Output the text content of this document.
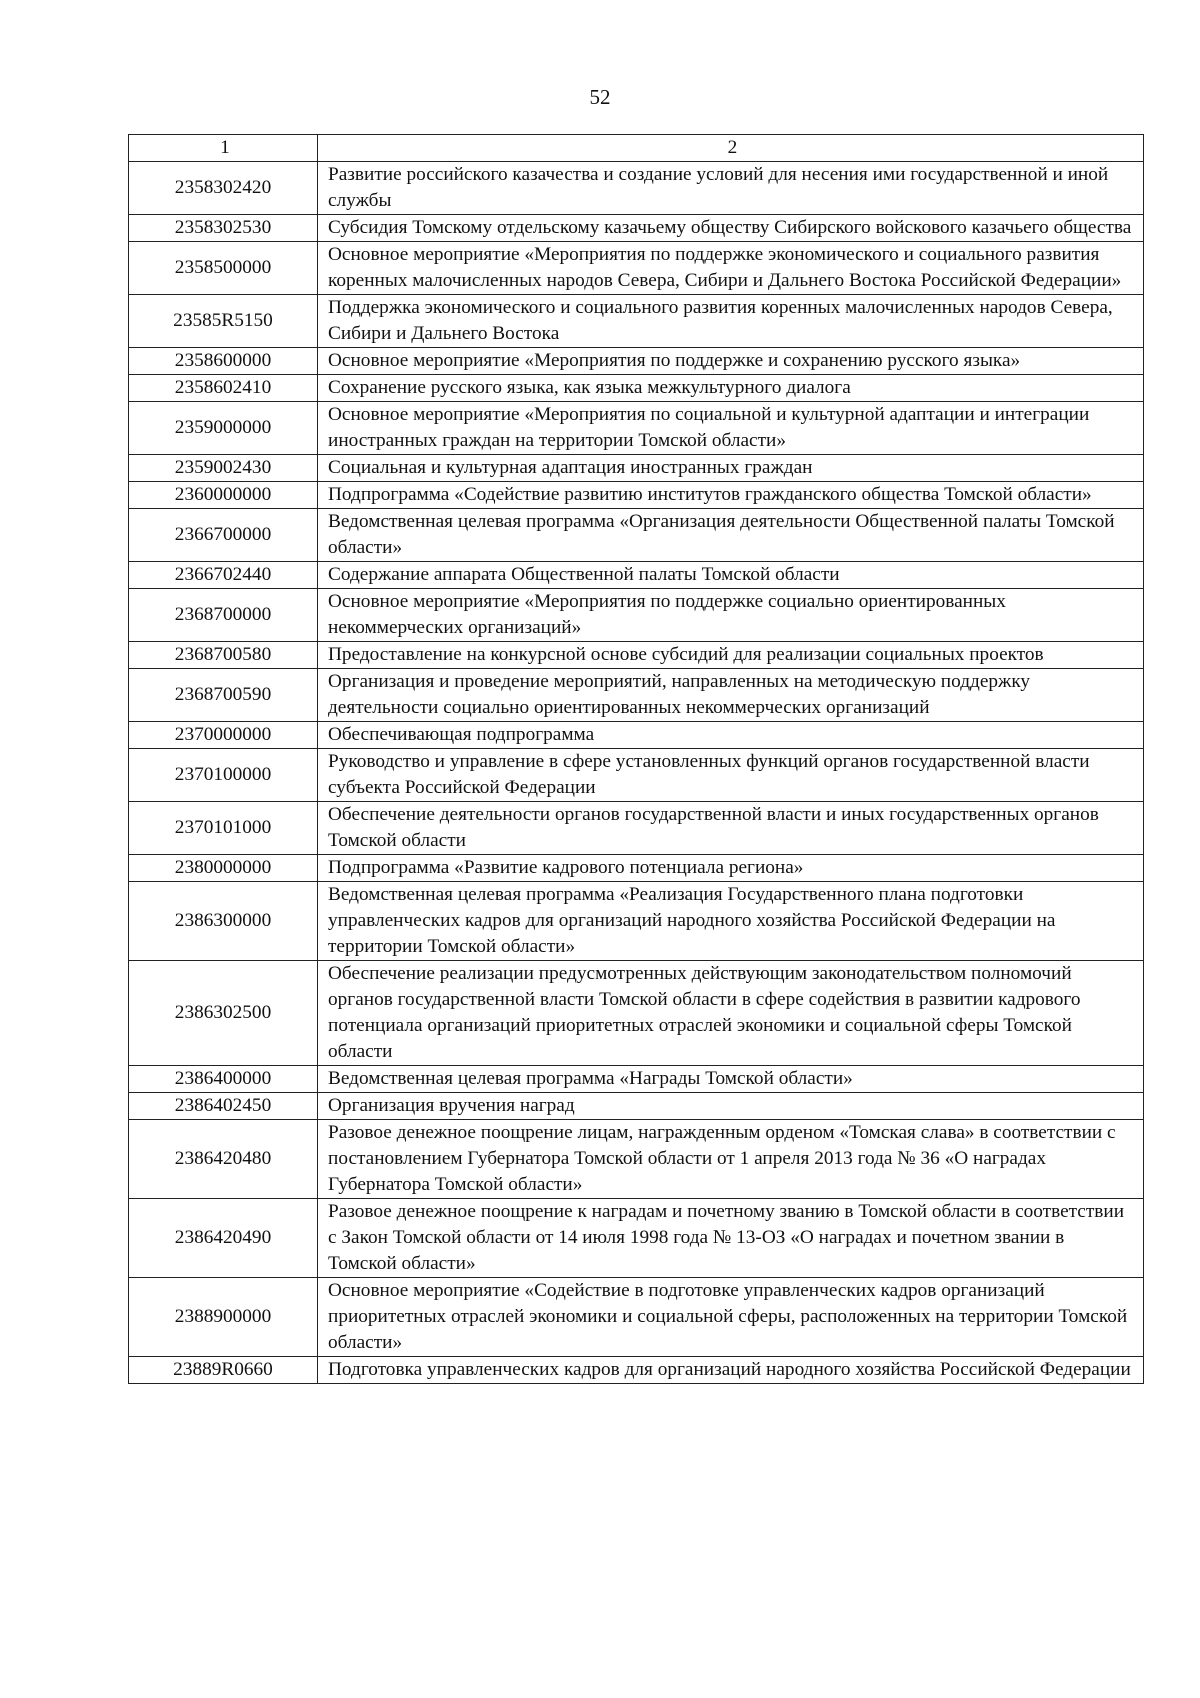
52
1	2
2358302420	Развитие российского казачества и создание условий для несения ими государственной и иной службы
2358302530	Субсидия Томскому отдельскому казачьему обществу Сибирского войскового казачьего общества
2358500000	Основное мероприятие «Мероприятия по поддержке экономического и социального развития коренных малочисленных народов Севера, Сибири и Дальнего Востока Российской Федерации»
23585R5150	Поддержка экономического и социального развития коренных малочисленных народов Севера, Сибири и Дальнего Востока
2358600000	Основное мероприятие «Мероприятия по поддержке и сохранению русского языка»
2358602410	Сохранение русского языка, как языка межкультурного диалога
2359000000	Основное мероприятие «Мероприятия по социальной и культурной адаптации и интеграции иностранных граждан на территории Томской области»
2359002430	Социальная и культурная адаптация иностранных граждан
2360000000	Подпрограмма «Содействие развитию институтов гражданского общества Томской области»
2366700000	Ведомственная целевая программа «Организация деятельности Общественной палаты Томской области»
2366702440	Содержание аппарата Общественной палаты Томской области
2368700000	Основное мероприятие «Мероприятия по поддержке социально ориентированных некоммерческих организаций»
2368700580	Предоставление на конкурсной основе субсидий для реализации социальных проектов
2368700590	Организация и проведение мероприятий, направленных на методическую поддержку деятельности социально ориентированных некоммерческих организаций
2370000000	Обеспечивающая подпрограмма
2370100000	Руководство и управление в сфере установленных функций органов государственной власти субъекта Российской Федерации
2370101000	Обеспечение деятельности органов государственной власти и иных государственных органов Томской области
2380000000	Подпрограмма «Развитие кадрового потенциала региона»
2386300000	Ведомственная целевая программа «Реализация Государственного плана подготовки управленческих кадров для организаций народного хозяйства Российской Федерации на территории Томской области»
2386302500	Обеспечение реализации предусмотренных действующим законодательством полномочий органов государственной власти Томской области в сфере содействия в развитии кадрового потенциала организаций приоритетных отраслей экономики и социальной сферы Томской области
2386400000	Ведомственная целевая программа «Награды Томской области»
2386402450	Организация вручения наград
2386420480	Разовое денежное поощрение лицам, награжденным орденом «Томская слава» в соответствии с постановлением Губернатора Томской области от 1 апреля 2013 года № 36 «О наградах Губернатора Томской области»
2386420490	Разовое денежное поощрение к наградам и почетному званию в Томской области в соответствии с Закон Томской области от 14 июля 1998 года № 13-ОЗ «О наградах и почетном звании в Томской области»
2388900000	Основное мероприятие «Содействие в подготовке управленческих кадров организаций приоритетных отраслей экономики и социальной сферы, расположенных на территории Томской области»
23889R0660	Подготовка управленческих кадров для организаций народного хозяйства Российской Федерации
